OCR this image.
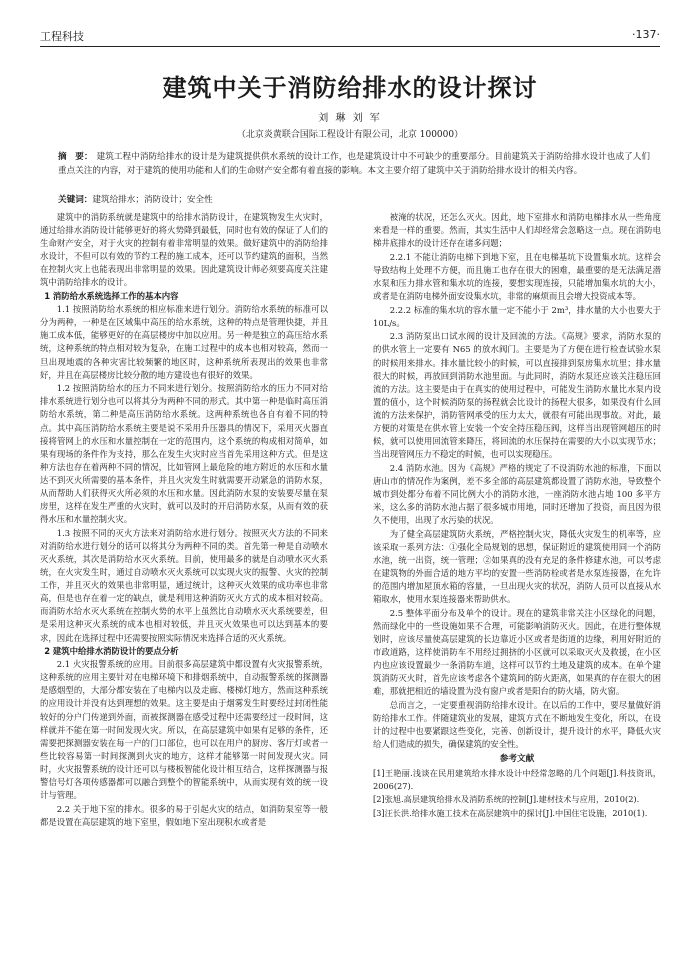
工程科技	·137·
建筑中关于消防给排水的设计探讨
刘 琳 刘 军
（北京炎黄联合国际工程设计有限公司，北京 100000）
摘　要： 建筑工程中消防给排水的设计是为建筑提供供水系统的设计工作，也是建筑设计中不可缺少的重要部分。目前建筑关于消防给排水设计也成了人们重点关注的内容，对于建筑的使用功能和人们的生命财产安全都有着直接的影响。本文主要介绍了建筑中关于消防给排水设计的相关内容。
关键词：建筑给排水；消防设计；安全性

建筑中的消防系统就是建筑中的给排水消防设计，在建筑物发生火灾时，通过给排水消防设计能够更好的将火势降到最低，同时也有效的保证了人们的生命财产安全，对于火灾的控制有着非常明显的效果。做好建筑中的消防给排水设计，不但可以有效的节约工程的施工成本，还可以节约建筑的面积，当然在控制火灾上也能表现出非常明显的效果。因此建筑设计师必须要高度关注建筑中消防给排水的设计。

1 消防给水系统选择工作的基本内容

1.1 按照消防给水系统的相应标准来进行划分。消防给水系统的标准可以分为两种，一种是在区域集中高压的给水系统，这种的特点是管理快捷，并且施工成本低，能够更好的在高层楼房中加以应用。另一种是独立的高压给水系统，这种系统的特点相对较为复杂，在施工过程中的成本也相对较高，然而一旦出现地震的各种灾害比较频繁的地区时，这种系统所表现出的效果也非常好，并且在高层楼房比较分散的地方建设也有很好的效果。

1.2 按照消防给水的压力不同来进行划分。按照消防给水的压力不同对给排水系统进行划分也可以将其分为两种不同的形式。其中第一种是临时高压消防给水系统，第二种是高压消防给水系统。这两种系统也各自有着不同的特点。其中高压消防给水系统主要是说不采用升压器具的情况下，采用灭火器直接将管网上的水压和水量控制在一定的范围内，这个系统的构成相对简单，如果有现场的条件作为支持，那么在发生火灾时应当首先采用这种方式。但是这种方法也存在着两种不同的情况，比如管网上最危险的地方附近的水压和水量达不到灭火所需要的基本条件，并且火灾发生时就需要开动紧急的消防水泵，从而帮助人们获得灭火所必须的水压和水量。因此消防水泵的安装要尽量在泵房里，这样在发生严重的火灾时，就可以及时的开启消防水泵，从而有效的获得水压和水量控制火灾。

1.3 按照不同的灭火方法来对消防给水进行划分。按照灭火方法的不同来对消防给水进行划分的话可以将其分为两种不同的类。首先第一种是自动喷水灭火系统，其次是消防给水灭火系统。目前，使用最多的就是自动喷水灭火系统，在火灾发生时，通过自动喷水灭火系统可以实现火灾的报警、火灾的控制工作，并且灭火的效果也非常明显，通过统计，这种灭火效果的成功率也非常高，但是也存在着一定的缺点，就是利用这种消防灭火方式的成本相对较高。而消防水给水灭火系统在控制火势的水平上虽然比自动喷水灭火系统要差，但是采用这种灭火系统的成本也相对较低，并且灭火效果也可以达到基本的要求，因此在选择过程中还需要按照实际情况来选择合适的灭火系统。

2 建筑中给排水消防设计的要点分析

2.1 火灾报警系统的应用。目前很多高层建筑中都设置有火灾报警系统，这种系统的应用主要针对在电梯环境下和排烟系统中，自动报警系统的探测器是感烟型的，大部分都安装在了电梯内以及走廊、楼梯灯地方，然而这种系统的应用设计并没有达到理想的效果。这主要是由于烟雾发生时要经过封闭性能较好的分户门传递到外面，而被探测器在感受过程中还需要经过一段时间，这样就并不能在第一时间发现火灾。所以，在高层建筑中如果有足够的条件，还需要把探测器安装在每一户的门口部位，也可以在用户的厨房、客厅灯或者一些比较容易第一时间探测到火灾的地方，这样才能够第一时间发现火灾。同时，火灾报警系统的设计还可以与楼板智能化设计相互结合，这样探测器与报警信号灯各项传感器都可以融合到整个的智能系统中，从而实现有效的统一设计与管理。

2.2 关于地下室的排水。很多的易于引起火灾的结点，如消防泵室等一般都是设置在高层建筑的地下室里，假如地下室出现积水或者是

被淹的状况，还怎么灭火。因此，地下室排水和消防电梯排水从一些角度来看是一样的重要。然而，其实生活中人们却经常会忽略这一点。现在消防电梯井底排水的设计还存在诸多问题；

2.2.1 不能让消防电梯下到地下室，且在电梯基坑下设置集水坑。这样会导致结构上处理不方便，而且施工也存在很大的困难，最重要的是无法满足潜水泵和压力排水管和集水坑的连接，要想实现连接，只能增加集水坑的大小，或者是在消防电梯外面安设集水坑，非常的麻烦而且会增大投资成本等。

2.2.2 标准的集水坑的容水量一定不能小于 2m³，排水量的大小也要大于 10L/s。

2.3 消防泵出口试水阀的设计及回流的方法。《高规》要求，消防水泵的的供水管上一定要有 N65 的放水阀门。主要是为了方便在进行检查试验水泵的时候用来排水。排水量比较小的时候，可以直接排到泵房集水坑里；排水量很大的时候，再放回到消防水池里面。与此同时，消防水泵还应该关注稳压回流的方法。这主要是由于在真实的使用过程中，可能发生消防水量比水泵内设置的值小，这个时候消防泵的扬程就会比设计的扬程大很多，如果没有什么回流的方法来保护，消防管网承受的压力太大，就很有可能出现事故。对此，最方便的对策是在供水管上安装一个安全持压稳压阀，这样当出现管网超压的时候，就可以使用回流管来降压，将回流的水压保持在需要的大小以实现节水；当出现管网压力不稳定的时候，也可以实现稳压。

2.4 消防水池。因为《高规》严格的规定了不设消防水池的标准，下面以唐山市的情况作为案例，差不多全部的高层建筑都设置了消防水池，导致整个城市到处都分布着不同比例大小的消防水池，一座消防水池占地 100 多平方米，这么多的消防水池占据了很多城市用地，同时还增加了投资，而且因为很久不使用，出现了水污染的状况。

为了健全高层建筑防火系统，严格控制火灾，降低火灾发生的机率等，应该采取一系列方法：①强化全局规划的思想，保证附近的建筑使用同一个消防水池，统一出资，统一管理；②如果真的没有充足的条件修建水池，可以考虑在建筑物的外面合适的地方平均的安置一些消防栓或者是水泵连接器，在允许的范围内增加屋顶水箱的容量，一旦出现火灾的状况，消防人员可以直接从水箱取水，使用水泵连接器来帮助供水。

2.5 整体平面分布及单个的设计。现在的建筑非常关注小区绿化的问题，然而绿化中的一些设施如果不合理，可能影响消防灭火。因此，在进行整体规划时，应该尽量使高层建筑的长边靠近小区或者是街道的边缘，利用好附近的市政道路，这样使消防车不用经过拥挤的小区就可以采取灭火及救援，在小区内也应该设置最少一条消防车道，这样可以节约土地及建筑的成本。在单个建筑消防灭火时，首先应该考虑各个建筑间的防火距离，如果真的存在很大的困难，那就把相近的墙设置为没有窗户或者是阳台的防火墙，防火窗。

总而言之，一定要重视消防给排水设计。在以后的工作中，要尽量做好消防给排水工作。伴随建筑业的发展，建筑方式在不断地发生变化，所以，在设计的过程中也要紧跟这些变化，完善、创新设计，提升设计的水平，降低火灾给人们造成的损失，确保建筑的安全性。

参考文献

[1]王艳丽.浅谈在民用建筑给水排水设计中经常忽略的几个问题[J].科技资讯，2006(27).

[2]张旭.高层建筑给排水及消防系统的控制[J].建材技术与应用，2010(2).

[3]汪长洪.给排水施工技术在高层建筑中的探讨[J].中国住宅设施，2010(1).
